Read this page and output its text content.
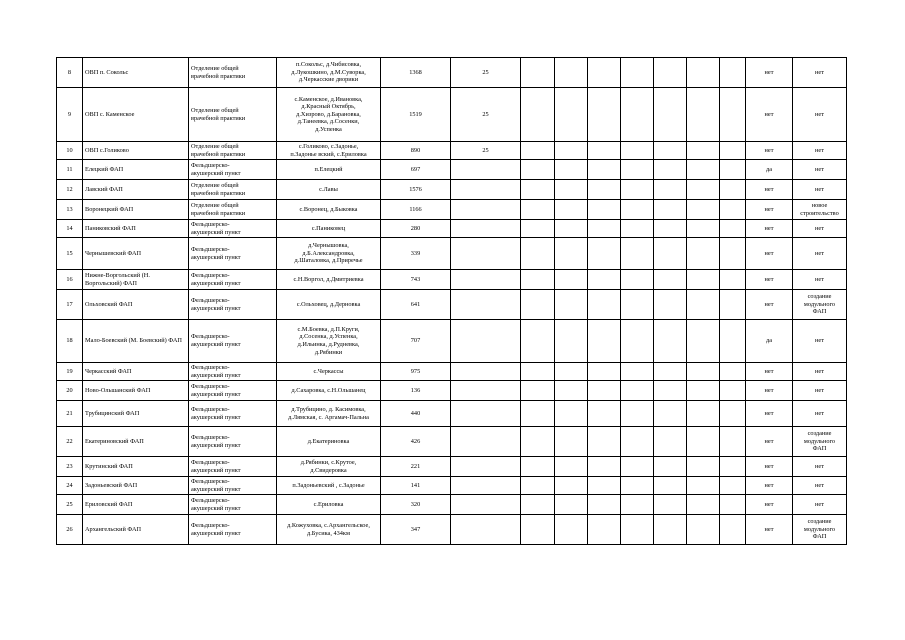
8	ОВП п. Сокольс	Отделение общей
врачебной практики	п.Сокольс, д.Чибисовка,
д.Лукошкино, д.М.Суворка,
д.Черкасские дворики	1368	25								нет	нет

9	ОВП с. Каменское	Отделение общей
врачебной практики	с.Каменское, д.Ивановка,
д.Красный Октябрь,
д.Хизрово, д.Барановка,
д.Танеевка, д.Сосенки,
д.Успенка	1519	25								нет	нет

10	ОВП с.Голиково	Отделение общей
врачебной практики	с.Голиково, с.Задонье,
п.Задонье вский, с.Ериловка	890	25								нет	нет

11	Елецкий ФАП	Фельдшерско-
акушерский пункт	п.Елецкий	697									да	нет

12	Лавский ФАП	Отделение общей
врачебной практики	с.Лавы	1576									нет	нет

13	Воронецкий ФАП	Отделение общей
врачебной практики	с.Воронец, д.Быковка	1166									нет	новое
строительство

14	Паниковский ФАП	Фельдшерско-
акушерский пункт	с.Паниковец	280									нет	нет

15	Чернышевский ФАП	Фельдшерско-
акушерский пункт	д.Чернышовка,
д.Б.Александровка,
д.Шаталовка, д.Приречье	339									нет	нет

16	Нижне-Воргольский (Н. Воргольский) ФАП	Фельдшерско-
акушерский пункт	с.Н.Воргол, д.Дмитриевка	743									нет	нет

17	Ольховский ФАП	Фельдшерско-
акушерский пункт	с.Ольховец, д.Дерновка	641									нет	создание
модульного
ФАП

18	Мало-Боевский (М. Боевский) ФАП	Фельдшерско-
акушерский пункт	с.М.Боевка, д.П.Круги,
д.Сосенка, д.Успенка,
д.Ильинка, д.Рудневка,
д.Рябинки	707									да	нет

19	Черкасский ФАП	Фельдшерско-
акушерский пункт	с.Черкассы	975									нет	нет

20	Ново-Ольшанский ФАП	Фельдшерско-
акушерский пункт	д.Сахаровка, с.Н.Ольшанец	136									нет	нет

21	Трубицинский ФАП	Фельдшерско-
акушерский пункт	д.Трубицино, д. Касимовка,
д.Лямская, с. Аргамач-Пальна	440									нет	нет

22	Екатериновский ФАП	Фельдшерско-
акушерский пункт	д.Екатериновка	426									нет	создание
модульного
ФАП

23	Крутинский ФАП	Фельдшерско-
акушерский пункт	д.Рябинки, с.Крутое,
д.Свидеровка	221									нет	нет

24	Задоньевский ФАП	Фельдшерско-
акушерский пункт	п.Задоньевский , с.Задонье	141									нет	нет

25	Ериловский ФАП	Фельдшерско-
акушерский пункт	с.Ериловка	320									нет	нет

26	Архангельский ФАП	Фельдшерско-
акушерский пункт	д.Кожуховка, с.Архангельское,
д.Бусика, 434км	347									нет	создание
модульного
ФАП
